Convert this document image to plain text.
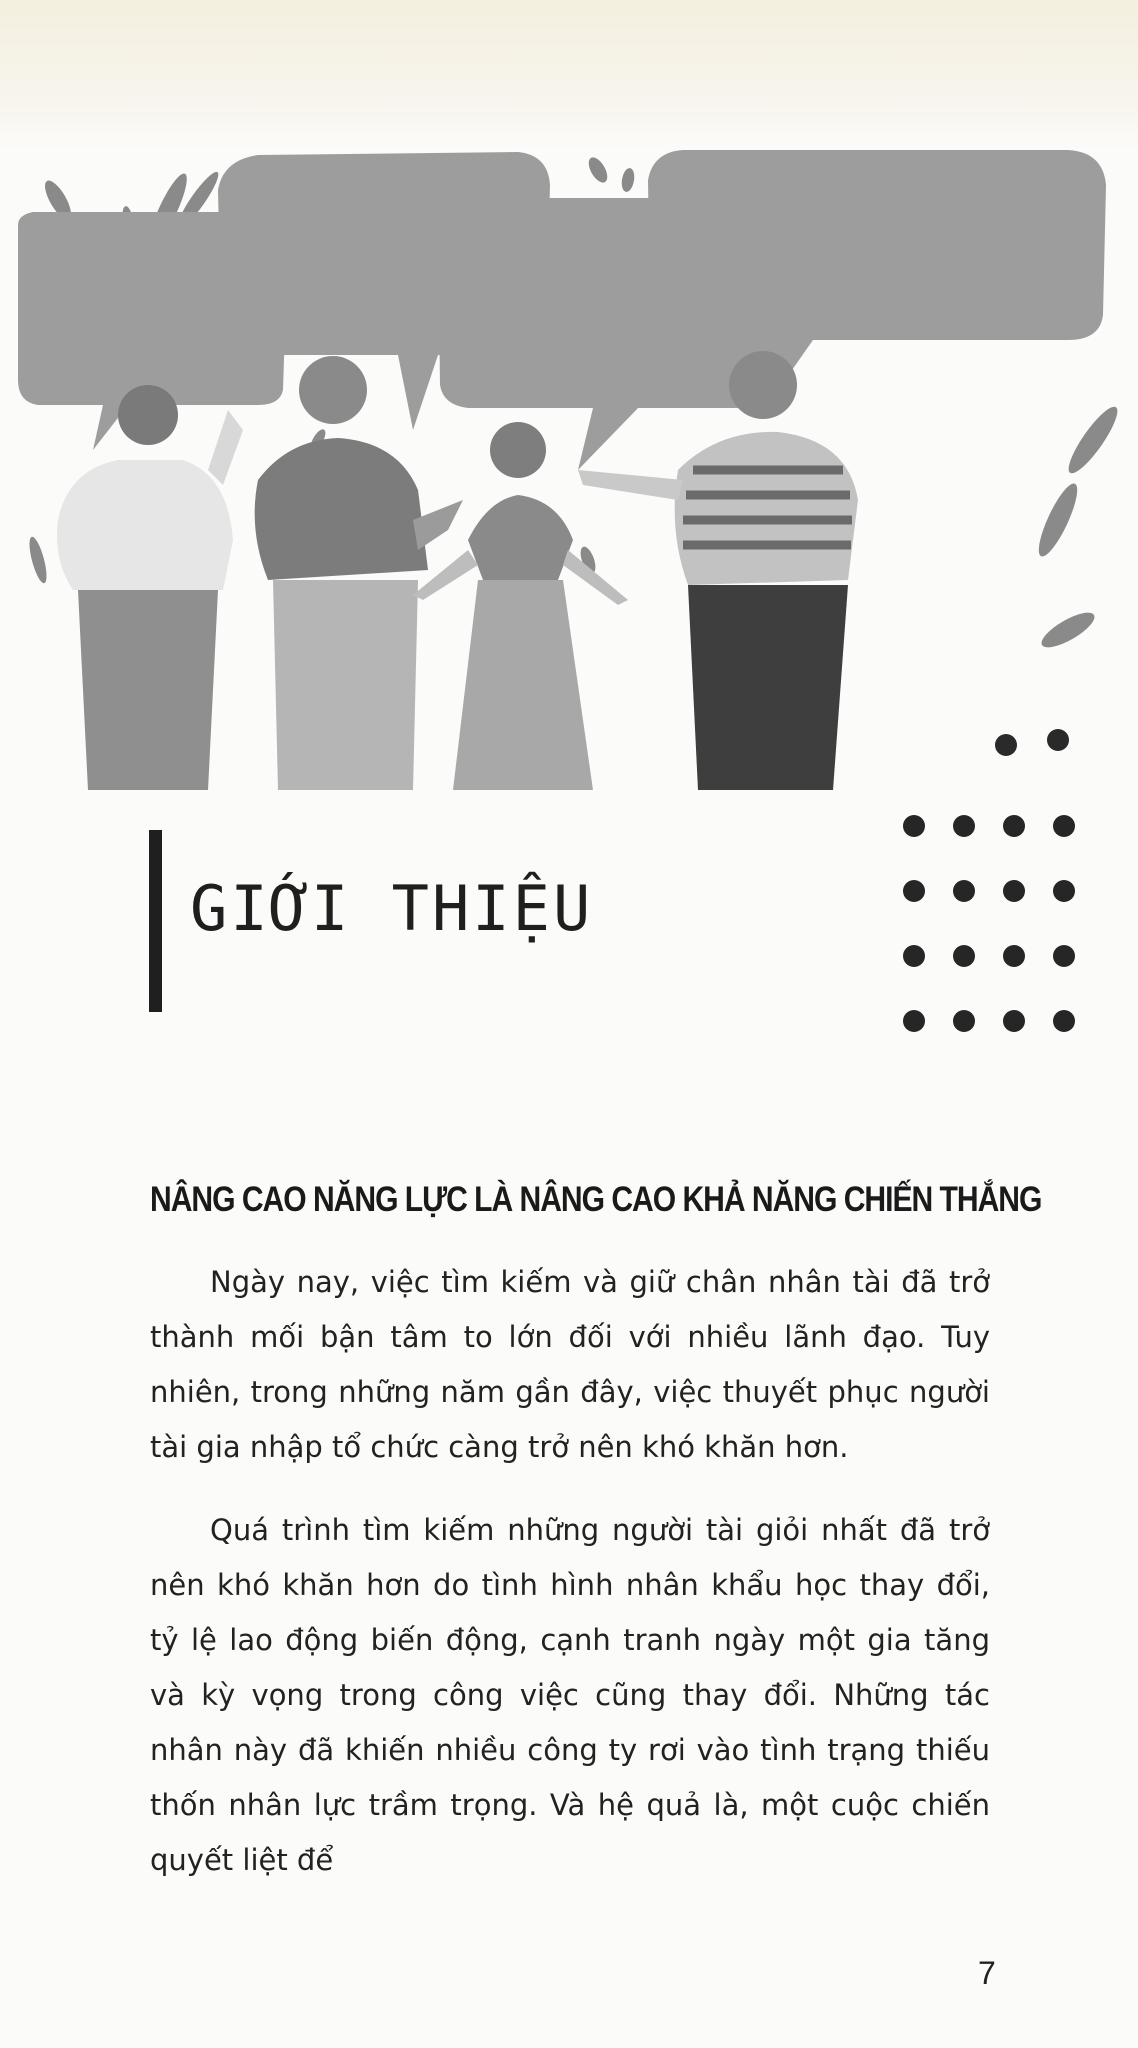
GIỚI THIỆU
NÂNG CAO NĂNG LỰC LÀ NÂNG CAO KHẢ NĂNG CHIẾN THẮNG

Ngày nay, việc tìm kiếm và giữ chân nhân tài đã trở thành mối bận tâm to lớn đối với nhiều lãnh đạo. Tuy nhiên, trong những năm gần đây, việc thuyết phục người tài gia nhập tổ chức càng trở nên khó khăn hơn.

Quá trình tìm kiếm những người tài giỏi nhất đã trở nên khó khăn hơn do tình hình nhân khẩu học thay đổi, tỷ lệ lao động biến động, cạnh tranh ngày một gia tăng và kỳ vọng trong công việc cũng thay đổi. Những tác nhân này đã khiến nhiều công ty rơi vào tình trạng thiếu thốn nhân lực trầm trọng. Và hệ quả là, một cuộc chiến quyết liệt để

7
